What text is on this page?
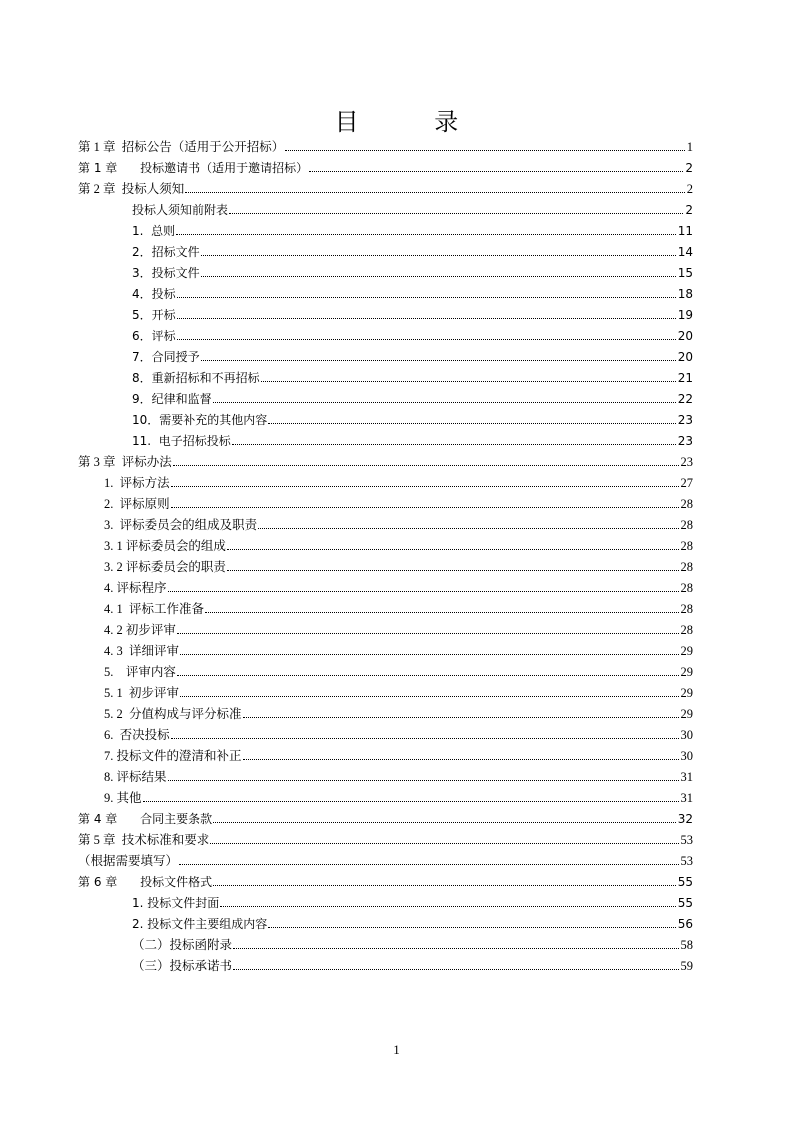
目 录
第 1 章  招标公告（适用于公开招标）	1
第 1 章      投标邀请书（适用于邀请招标）	2
第 2 章  投标人须知	2
投标人须知前附表	2
1.  总则	11
2．招标文件	14
3．投标文件	15
4．投标	18
5．开标	19
6．评标	20
7．合同授予	20
8．重新招标和不再招标	21
9．纪律和监督	22
10．需要补充的其他内容	23
11.  电子招标投标	23
第 3 章  评标办法	23
1.  评标方法	27
2.  评标原则	28
3.  评标委员会的组成及职责	28
3. 1 评标委员会的组成	28
3. 2 评标委员会的职责	28
4. 评标程序	28
4. 1  评标工作准备	28
4. 2 初步评审	28
4. 3  详细评审	29
5.    评审内容	29
5. 1  初步评审	29
5. 2  分值构成与评分标准	29
6.  否决投标	30
7. 投标文件的澄清和补正	30
8. 评标结果	31
9. 其他	31
第 4 章      合同主要条款	32
第 5 章  技术标准和要求	53
（根据需要填写）	53
第 6 章      投标文件格式	55
1. 投标文件封面	55
2. 投标文件主要组成内容	56
（二）投标函附录	58
（三）投标承诺书	59
1
